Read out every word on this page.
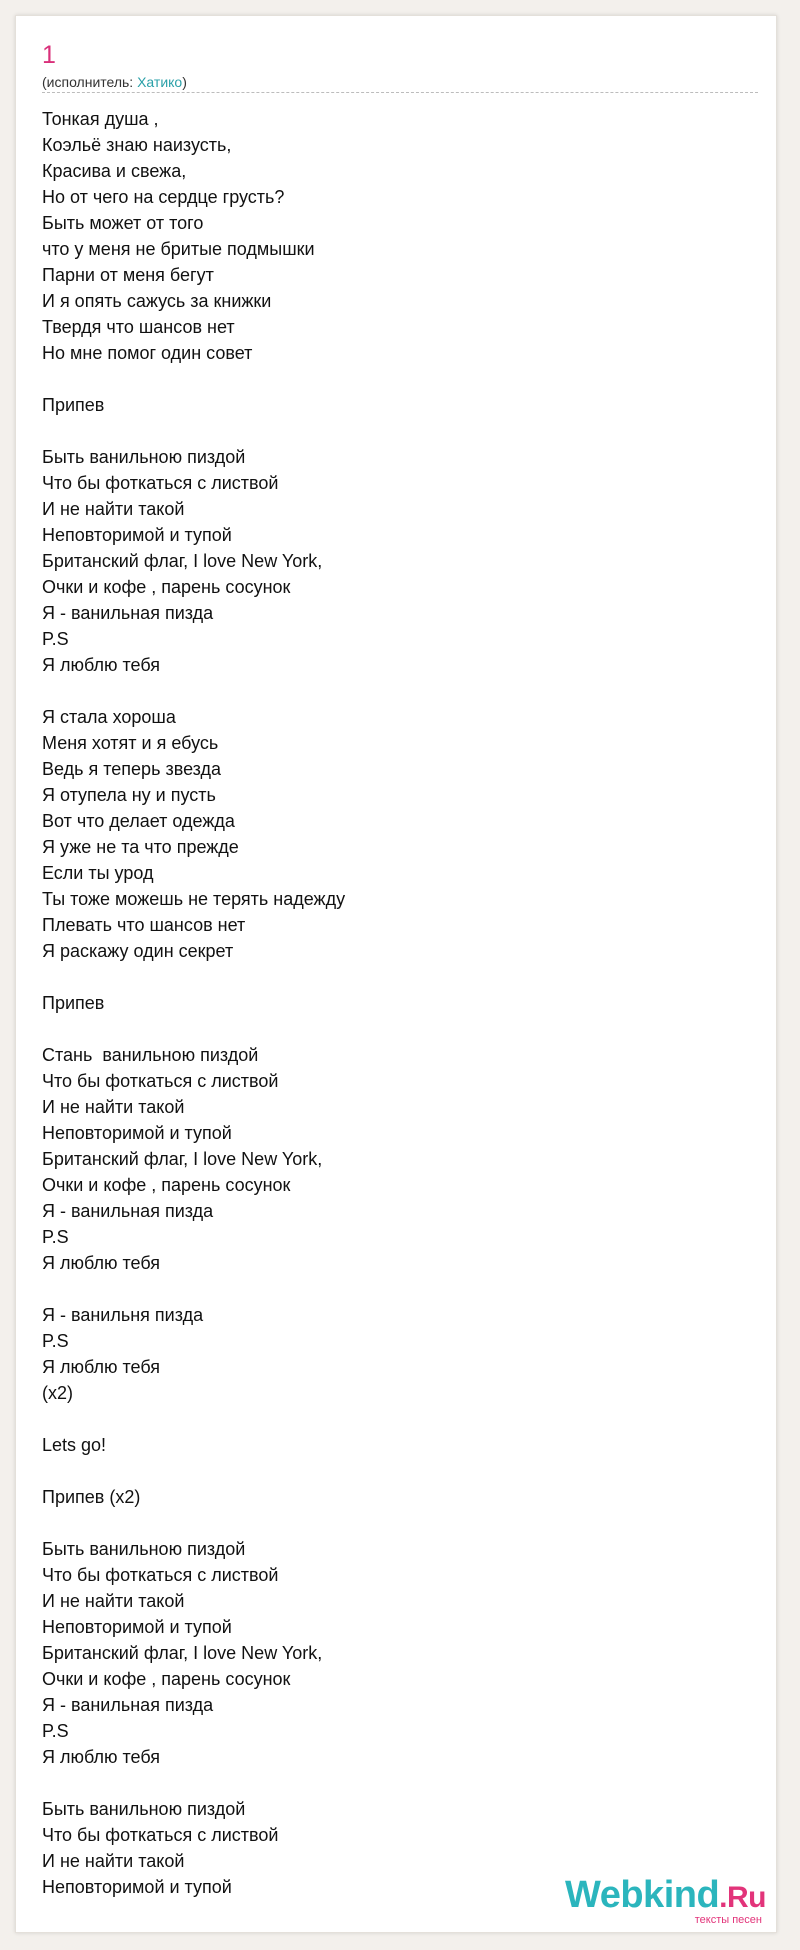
1
(исполнитель: Хатико)
Тонкая душа ,
Коэльё знаю наизусть,
Красива и свежа,
Но от чего на сердце грусть?
Быть может от того
что у меня не бритые подмышки
Парни от меня бегут
И я опять сажусь за книжки
Твердя что шансов нет
Но мне помог один совет
Припев
Быть ванильною пиздой
Что бы фоткаться с листвой
И не найти такой
Неповторимой и тупой
Британский флаг, I love New York,
Очки и кофе , парень сосунок
Я - ванильная пизда
P.S
Я люблю тебя
Я стала хороша
Меня хотят и я ебусь
Ведь я теперь звезда
Я отупела ну и пусть
Вот что делает одежда
Я уже не та что прежде
Если ты урод
Ты тоже можешь не терять надежду
Плевать что шансов нет
Я раскажу один секрет
Припев
Стань  ванильною пиздой
Что бы фоткаться с листвой
И не найти такой
Неповторимой и тупой
Британский флаг, I love New York,
Очки и кофе , парень сосунок
Я - ванильная пизда
P.S
Я люблю тебя
Я - ванильня пизда
P.S
Я люблю тебя
(x2)
Lets go!
Припев (x2)
Быть ванильною пиздой
Что бы фоткаться с листвой
И не найти такой
Неповторимой и тупой
Британский флаг, I love New York,
Очки и кофе , парень сосунок
Я - ванильная пизда
P.S
Я люблю тебя
Быть ванильною пиздой
Что бы фоткаться с листвой
И не найти такой
Неповторимой и тупой	Webkind.Ru
тексты песен
